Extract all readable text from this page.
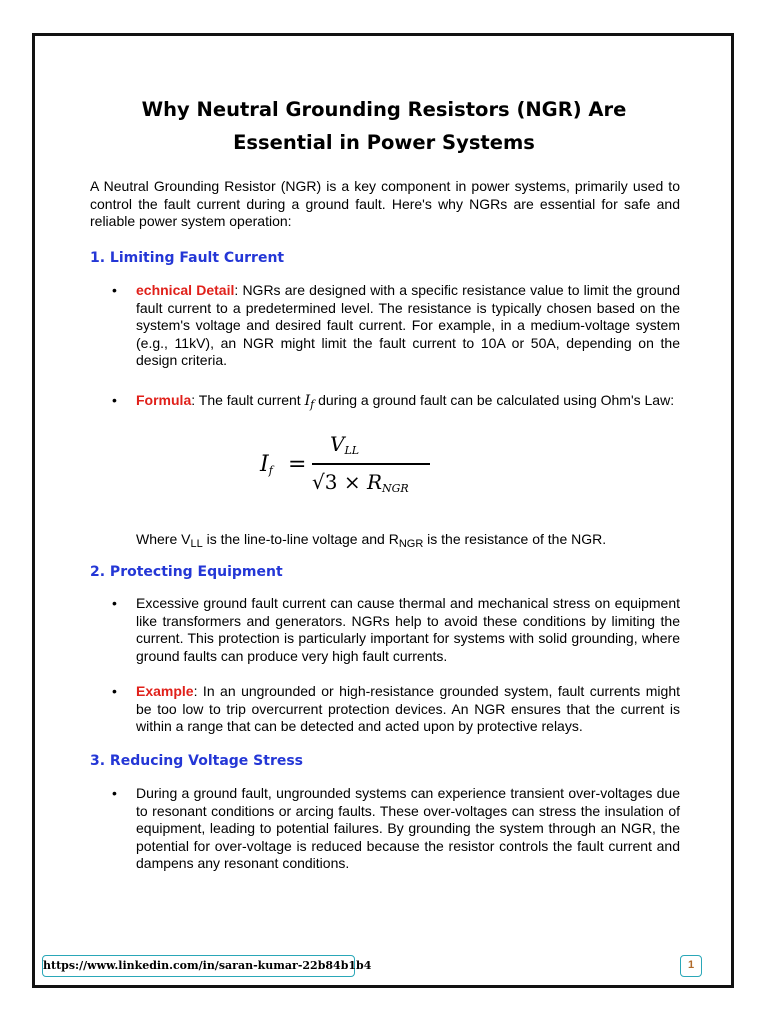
Why Neutral Grounding Resistors (NGR) Are
Essential in Power Systems
A Neutral Grounding Resistor (NGR) is a key component in power systems, primarily used to control the fault current during a ground fault. Here's why NGRs are essential for safe and reliable power system operation:
1. Limiting Fault Current
•	echnical Detail: NGRs are designed with a specific resistance value to limit the ground fault current to a predetermined level. The resistance is typically chosen based on the system's voltage and desired fault current. For example, in a medium-voltage system (e.g., 11kV), an NGR might limit the fault current to 10A or 50A, depending on the design criteria.
•	Formula: The fault current $I_f$ during a ground fault can be calculated using Ohm's Law:
$I_f$ =
$V_{LL}$
$√3 \times R_{NGR}$
Where $V_{LL}$ is the line-to-line voltage and $R_{NGR}$ is the resistance of the NGR.
2. Protecting Equipment
•	Excessive ground fault current can cause thermal and mechanical stress on equipment like transformers and generators. NGRs help to avoid these conditions by limiting the current. This protection is particularly important for systems with solid grounding, where ground faults can produce very high fault currents.
•	Example: In an ungrounded or high-resistance grounded system, fault currents might be too low to trip overcurrent protection devices. An NGR ensures that the current is within a range that can be detected and acted upon by protective relays.
3. Reducing Voltage Stress
•	During a ground fault, ungrounded systems can experience transient over-voltages due to resonant conditions or arcing faults. These over-voltages can stress the insulation of equipment, leading to potential failures. By grounding the system through an NGR, the potential for over-voltage is reduced because the resistor controls the fault current and dampens any resonant conditions.
https://www.linkedin.com/in/saran-kumar-22b84b1b4	1
